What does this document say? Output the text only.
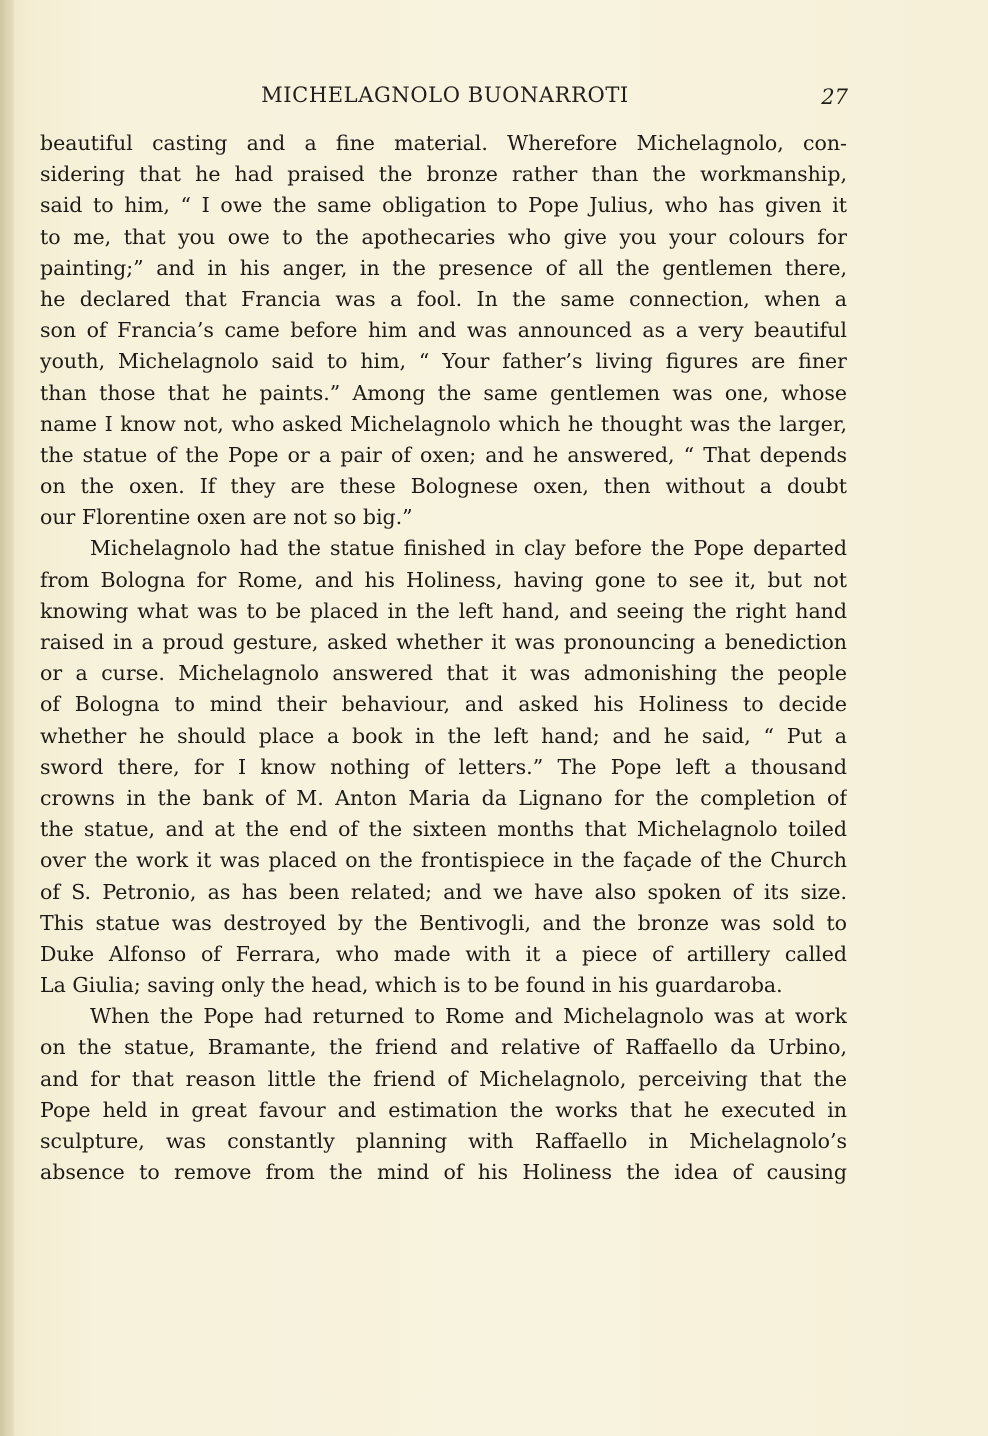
MICHELAGNOLO BUONARROTI	27
beautiful casting and a fine material. Wherefore Michelagnolo, con-
sidering that he had praised the bronze rather than the workmanship,
said to him, “ I owe the same obligation to Pope Julius, who has given it
to me, that you owe to the apothecaries who give you your colours for
painting;” and in his anger, in the presence of all the gentlemen there,
he declared that Francia was a fool. In the same connection, when a
son of Francia’s came before him and was announced as a very beautiful
youth, Michelagnolo said to him, “ Your father’s living figures are finer
than those that he paints.” Among the same gentlemen was one, whose
name I know not, who asked Michelagnolo which he thought was the larger,
the statue of the Pope or a pair of oxen; and he answered, “ That depends
on the oxen. If they are these Bolognese oxen, then without a doubt
our Florentine oxen are not so big.”
Michelagnolo had the statue finished in clay before the Pope departed
from Bologna for Rome, and his Holiness, having gone to see it, but not
knowing what was to be placed in the left hand, and seeing the right hand
raised in a proud gesture, asked whether it was pronouncing a benediction
or a curse. Michelagnolo answered that it was admonishing the people
of Bologna to mind their behaviour, and asked his Holiness to decide
whether he should place a book in the left hand; and he said, “ Put a
sword there, for I know nothing of letters.” The Pope left a thousand
crowns in the bank of M. Anton Maria da Lignano for the completion of
the statue, and at the end of the sixteen months that Michelagnolo toiled
over the work it was placed on the frontispiece in the façade of the Church
of S. Petronio, as has been related; and we have also spoken of its size.
This statue was destroyed by the Bentivogli, and the bronze was sold to
Duke Alfonso of Ferrara, who made with it a piece of artillery called
La Giulia; saving only the head, which is to be found in his guardaroba.
When the Pope had returned to Rome and Michelagnolo was at work
on the statue, Bramante, the friend and relative of Raffaello da Urbino,
and for that reason little the friend of Michelagnolo, perceiving that the
Pope held in great favour and estimation the works that he executed in
sculpture, was constantly planning with Raffaello in Michelagnolo’s
absence to remove from the mind of his Holiness the idea of causing
